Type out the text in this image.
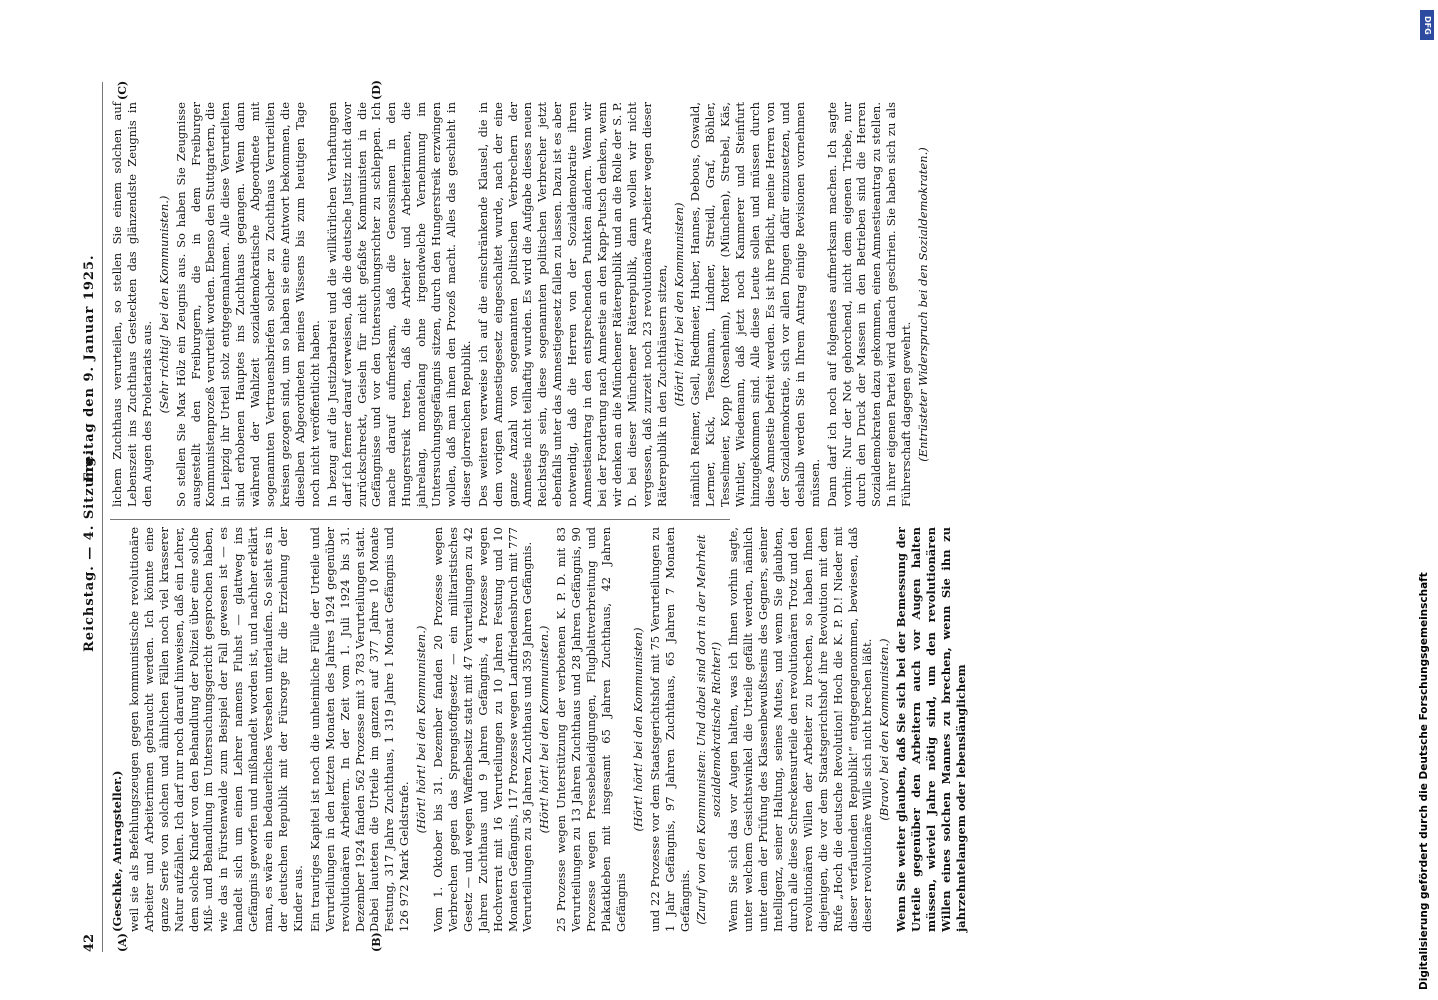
42
Reichstag. — 4. Sitzung.
Freitag den 9. Januar 1925.
(A)	(B)
(C)	(D)

(Geschke, Antragsteller.) weil sie als Befehlungszeugen gegen kommunistische revolutionäre Arbeiter und Arbeiterinnen gebraucht werden. Ich könnte eine ganze Serie von solchen und ähnlichen Fällen noch viel krasserer Natur aufzählen. Ich darf nur noch darauf hinweisen, daß ein Lehrer, dem solche Kinder von den Behandlung der Polizei über eine solche Miß- und Behandlung im Untersuchungsgericht gesprochen haben, wie das in Fürstenwalde zum Beispiel der Fall gewesen ist — es handelt sich um einen Lehrer namens Fluhst — glattweg ins Gefängnis geworfen und mißhandelt worden ist, und nachher erklärt man, es wäre ein bedauerliches Versehen unterlaufen. So sieht es in der deutschen Republik mit der Fürsorge für die Erziehung der Kinder aus. Ein trauriges Kapitel ist noch die unheimliche Fülle der Urteile und Verurteilungen in den letzten Monaten des Jahres 1924 gegenüber revolutionären Arbeitern. In der Zeit vom 1. Juli 1924 bis 31. Dezember 1924 fanden 562 Prozesse mit 3 783 Verurteilungen statt. Dabei lauteten die Urteile im ganzen auf 377 Jahre 10 Monate Festung, 317 Jahre Zuchthaus, 1 319 Jahre 1 Monat Gefängnis und 126 972 Mark Geldstrafe.

(Hört! hört! bei den Kommunisten.) Vom 1. Oktober bis 31. Dezember fanden 20 Prozesse wegen Verbrechen gegen das Sprengstoffgesetz — ein militaristisches Gesetz — und wegen Waffenbesitz statt mit 47 Verurteilungen zu 42 Jahren Zuchthaus und 9 Jahren Gefängnis, 4 Prozesse wegen Hochverrat mit 16 Verurteilungen zu 10 Jahren Festung und 10 Monaten Gefängnis, 117 Prozesse wegen Landfriedensbruch mit 777 Verurteilungen zu 36 Jahren Zuchthaus und 359 Jahren Gefängnis. (Hört! hört! bei den Kommunisten.) 25 Prozesse wegen Unterstützung der verbotenen K. P. D. mit 83 Verurteilungen zu 13 Jahren Zuchthaus und 28 Jahren Gefängnis, 90 Prozesse wegen Pressebeleidigungen, Flugblattverbreitung und Plakatkleben mit insgesamt 65 Jahren Zuchthaus, 42 Jahren Gefängnis

(Hört! hört! bei den Kommunisten) und 22 Prozesse vor dem Staatsgerichtshof mit 75 Verurteilungen zu 1 Jahr Gefängnis, 97 Jahren Zuchthaus, 65 Jahren 7 Monaten Gefängnis. (Zuruf von den Kommunisten: Und dabei sind dort in der Mehrheit sozialdemokratische Richter!) Wenn Sie sich das vor Augen halten, was ich Ihnen vorhin sagte, unter welchem Gesichtswinkel die Urteile gefällt werden, nämlich unter dem der Prüfung des Klassenbewußtseins des Gegners, seiner Intelligenz, seiner Haltung, seines Mutes, und wenn Sie glaubten, durch alle diese Schreckensurteile den revolutionären Trotz und den revolutionären Willen der Arbeiter zu brechen, so haben Ihnen diejenigen, die vor dem Staatsgerichtshof ihre Revolution mit dem Rufe „Hoch die deutsche Revolution! Hoch die K. P. D.! Nieder mit dieser verfaulenden Republik!“ entgegengenommen, bewiesen, daß dieser revolutionäre Wille sich nicht brechen läßt. (Bravo! bei den Kommunisten.) Wenn Sie weiter glauben, daß Sie sich bei der Bemessung der Urteile gegenüber den Arbeitern auch vor Augen halten müssen, wieviel Jahre nötig sind, um den revolutionären Willen eines solchen Mannes zu brechen, wenn Sie ihn zu jahrzehntelangem oder lebenslänglichem

lichem Zuchthaus verurteilen, so stellen Sie einem solchen auf Lebenszeit ins Zuchthaus Gesteckten das glänzendste Zeugnis in den Augen des Proletariats aus.

(Sehr richtig! bei den Kommunisten.) So stellen Sie Max Hölz ein Zeugnis aus. So haben Sie Zeugnisse ausgestellt den Freiburgern, die in dem Freiburger Kommunistenprozeß verurteilt worden. Ebenso den Stuttgartern, die in Leipzig ihr Urteil stolz entgegennahmen. Alle diese Verurteilten sind erhobenen Hauptes ins Zuchthaus gegangen. Wenn dann während der Wahlzeit sozialdemokratische Abgeordnete mit sogenannten Vertrauensbriefen solcher zu Zuchthaus Verurteilten kreisen gezogen sind, um so haben sie eine Antwort bekommen, die dieselben Abgeordneten meines Wissens bis zum heutigen Tage noch nicht veröffentlicht haben. In bezug auf die Justizbarbarei und die willkürlichen Verhaftungen darf ich ferner darauf verweisen, daß die deutsche Justiz nicht davor zurückschreckt, Geiseln für nicht gefaßte Kommunisten in die Gefängnisse und vor den Untersuchungsrichter zu schleppen. Ich mache darauf aufmerksam, daß die Genossinnen in den Hungerstreik treten, daß die Arbeiter und Arbeiterinnen, die jahrelang, monatelang ohne irgendwelche Vernehmung im Untersuchungsgefängnis sitzen, durch den Hungerstreik erzwingen wollen, daß man ihnen den Prozeß macht. Alles das geschieht in dieser glorreichen Republik. Des weiteren verweise ich auf die einschränkende Klausel, die in dem vorigen Amnestiegesetz eingeschaltet wurde, nach der eine ganze Anzahl von sogenannten politischen Verbrechern der Amnestie nicht teilhaftig wurden. Es wird die Aufgabe dieses neuen Reichstags sein, diese sogenannten politischen Verbrecher jetzt ebenfalls unter das Amnestiegesetz fallen zu lassen. Dazu ist es aber notwendig, daß die Herren von der Sozialdemokratie ihren Amnestieantrag in den entsprechenden Punkten ändern. Wenn wir bei der Forderung nach Amnestie an den Kapp-Putsch denken, wenn wir denken an die Münchener Räterepublik und an die Rolle der S. P. D. bei dieser Münchener Räterepublik, dann wollen wir nicht vergessen, daß zurzeit noch 23 revolutionäre Arbeiter wegen dieser Räterepublik in den Zuchthäusern sitzen, (Hört! hört! bei den Kommunisten) nämlich Reimer, Gsell, Riedmeier, Huber, Hannes, Debous, Oswald, Lermer, Kick, Tesselmann, Lindner, Streidl, Graf, Böhler, Tesselmeier, Kopp (Rosenheim), Rotter (München), Strebel, Käs, Wintler, Wiedemann, daß jetzt noch Kammerer und Steinfurt hinzugekommen sind. Alle diese Leute sollen und müssen durch diese Amnestie befreit werden. Es ist ihre Pflicht, meine Herren von der Sozialdemokratie, sich vor allen Dingen dafür einzusetzen, und deshalb werden Sie in Ihrem Antrag einige Revisionen vornehmen müssen. Dann darf ich noch auf folgendes aufmerksam machen. Ich sagte vorhin: Nur der Not gehorchend, nicht dem eigenen Triebe, nur durch den Druck der Massen in den Betrieben sind die Herren Sozialdemokraten dazu gekommen, einen Amnestieantrag zu stellen. In ihrer eigenen Partei wird danach geschrien. Sie haben sich zu als Führerschaft dagegen gewehrt. (Entrüsteter Widerspruch bei den Sozialdemokraten.)

Digitalisierung gefördert durch die Deutsche Forschungsgemeinschaft
DFG
